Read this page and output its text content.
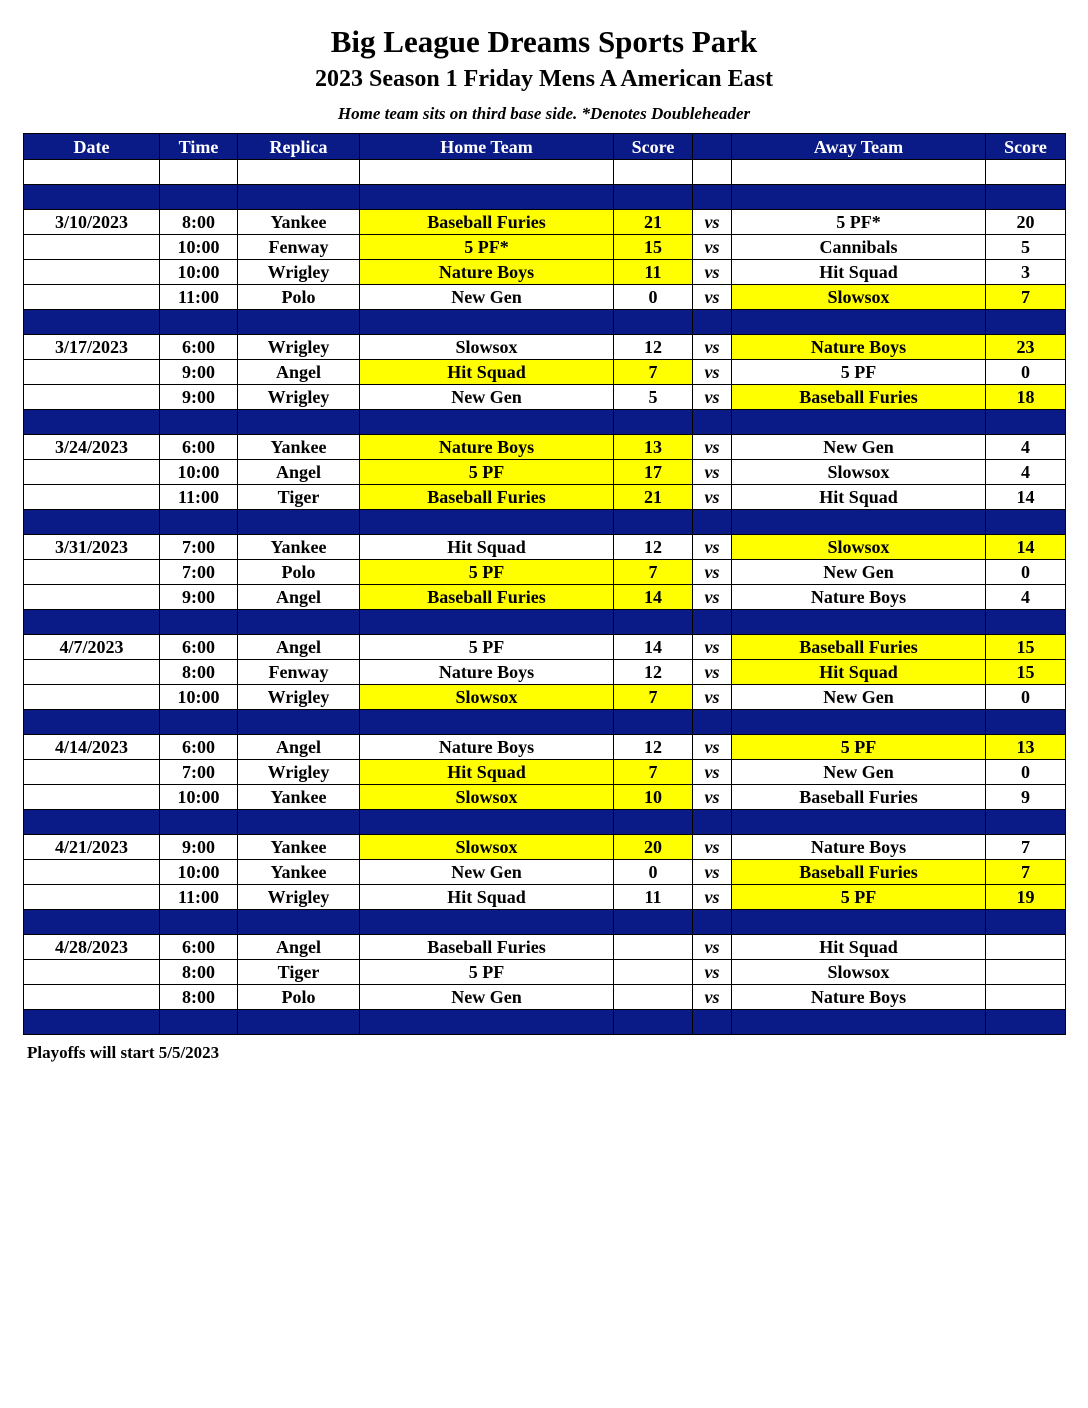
Big League Dreams Sports Park
2023 Season 1 Friday Mens A American East
Home team sits on third base side. *Denotes Doubleheader
Date	Time	Replica	Home Team	Score		Away Team	Score

3/10/2023	8:00	Yankee	Baseball Furies	21	vs	5 PF*	20
	10:00	Fenway	5 PF*	15	vs	Cannibals	5
	10:00	Wrigley	Nature Boys	11	vs	Hit Squad	3
	11:00	Polo	New Gen	0	vs	Slowsox	7

3/17/2023	6:00	Wrigley	Slowsox	12	vs	Nature Boys	23
	9:00	Angel	Hit Squad	7	vs	5 PF	0
	9:00	Wrigley	New Gen	5	vs	Baseball Furies	18

3/24/2023	6:00	Yankee	Nature Boys	13	vs	New Gen	4
	10:00	Angel	5 PF	17	vs	Slowsox	4
	11:00	Tiger	Baseball Furies	21	vs	Hit Squad	14

3/31/2023	7:00	Yankee	Hit Squad	12	vs	Slowsox	14
	7:00	Polo	5 PF	7	vs	New Gen	0
	9:00	Angel	Baseball Furies	14	vs	Nature Boys	4

4/7/2023	6:00	Angel	5 PF	14	vs	Baseball Furies	15
	8:00	Fenway	Nature Boys	12	vs	Hit Squad	15
	10:00	Wrigley	Slowsox	7	vs	New Gen	0

4/14/2023	6:00	Angel	Nature Boys	12	vs	5 PF	13
	7:00	Wrigley	Hit Squad	7	vs	New Gen	0
	10:00	Yankee	Slowsox	10	vs	Baseball Furies	9

4/21/2023	9:00	Yankee	Slowsox	20	vs	Nature Boys	7
	10:00	Yankee	New Gen	0	vs	Baseball Furies	7
	11:00	Wrigley	Hit Squad	11	vs	5 PF	19

4/28/2023	6:00	Angel	Baseball Furies		vs	Hit Squad	
	8:00	Tiger	5 PF		vs	Slowsox	
	8:00	Polo	New Gen		vs	Nature Boys	

Playoffs will start 5/5/2023
